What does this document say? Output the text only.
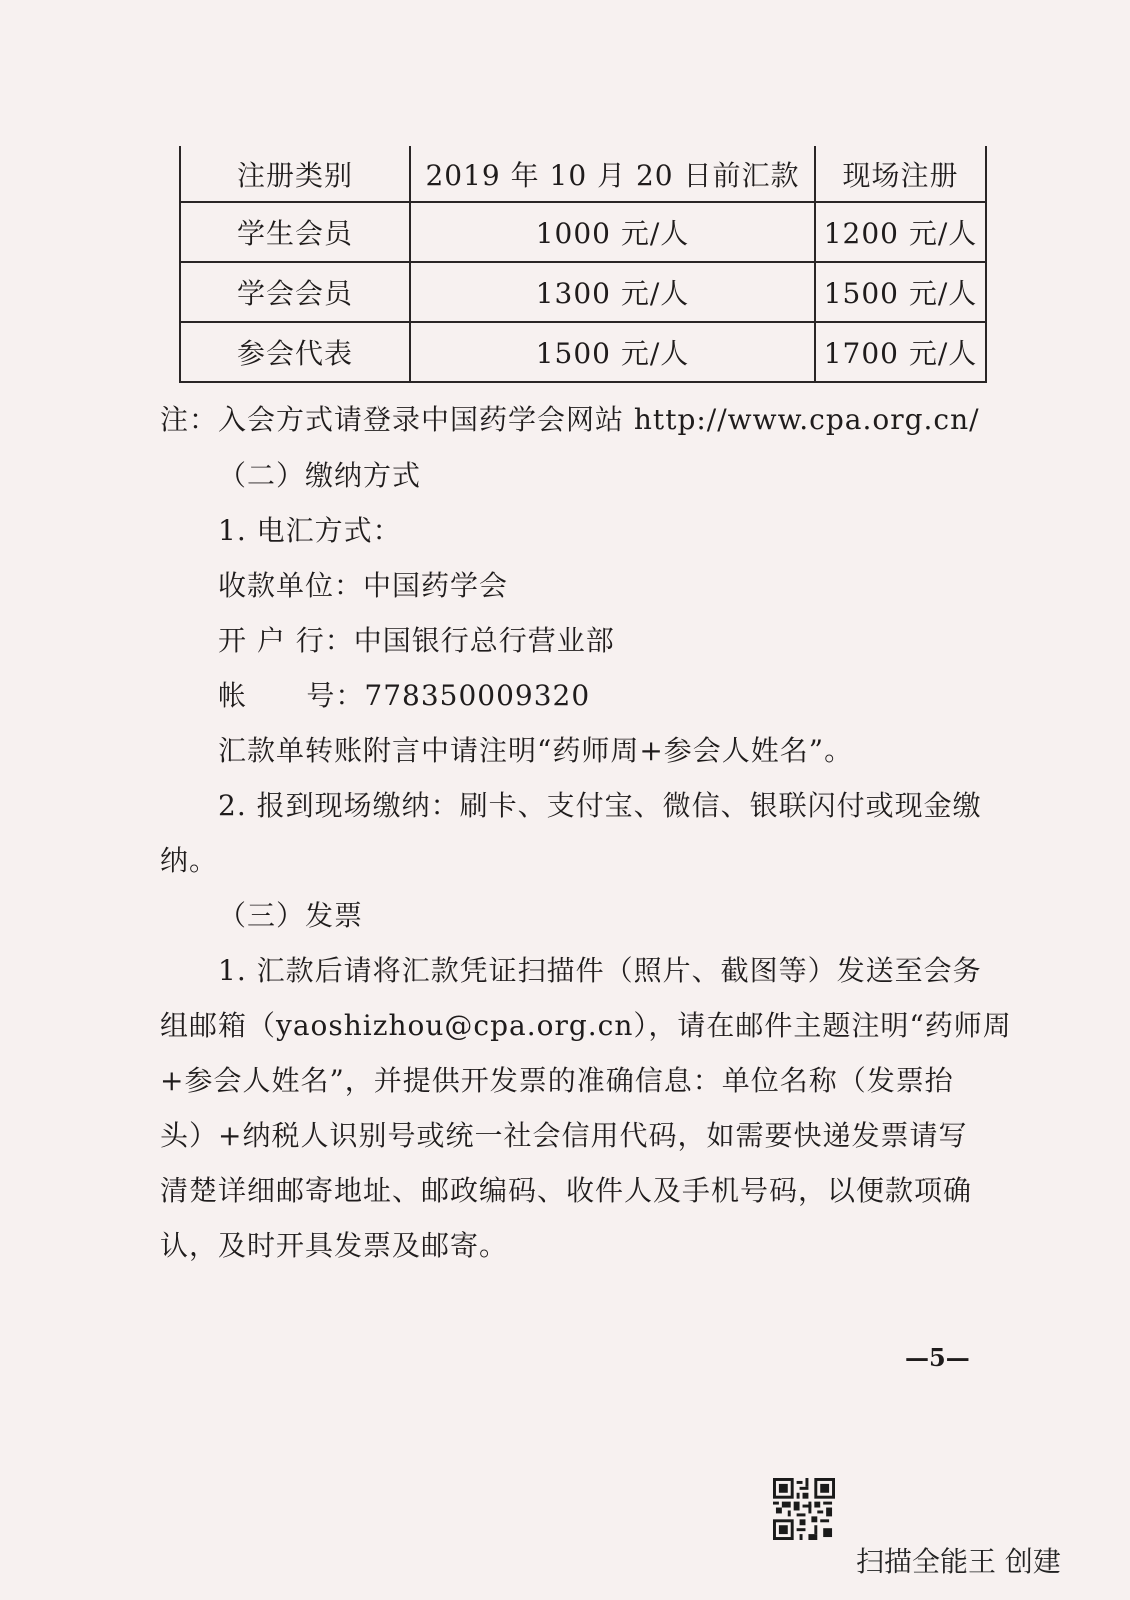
注册类别	2019 年 10 月 20 日前汇款	现场注册
学生会员	1000 元/人	1200 元/人
学会会员	1300 元/人	1500 元/人
参会代表	1500 元/人	1700 元/人
注：入会方式请登录中国药学会网站 http://www.cpa.org.cn/
（二）缴纳方式
1. 电汇方式：
收款单位：中国药学会
开 户 行：中国银行总行营业部
帐      号：778350009320
汇款单转账附言中请注明“药师周+参会人姓名”。
2. 报到现场缴纳：刷卡、支付宝、微信、银联闪付或现金缴
纳。
（三）发票
1. 汇款后请将汇款凭证扫描件（照片、截图等）发送至会务
组邮箱（yaoshizhou@cpa.org.cn），请在邮件主题注明“药师周
+参会人姓名”，并提供开发票的准确信息：单位名称（发票抬
头）+纳税人识别号或统一社会信用代码，如需要快递发票请写
清楚详细邮寄地址、邮政编码、收件人及手机号码，以便款项确
认，及时开具发票及邮寄。
—5—
扫描全能王 创建
